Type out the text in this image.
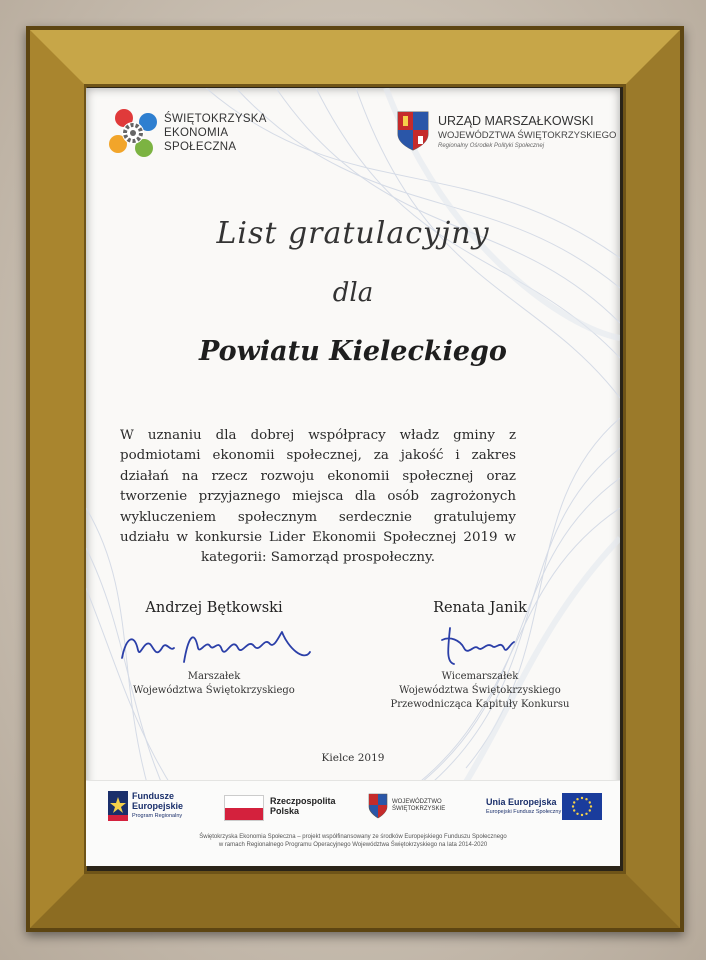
ŚWIĘTOKRZYSKA
EKONOMIA
SPOŁECZNA
URZĄD MARSZAŁKOWSKI
WOJEWÓDZTWA ŚWIĘTOKRZYSKIEGO
Regionalny Ośrodek Polityki Społecznej
List gratulacyjny
dla
Powiatu Kieleckiego
W uznaniu dla dobrej współpracy władz gminy z podmiotami ekonomii społecznej, za jakość i zakres działań na rzecz rozwoju ekonomii społecznej oraz tworzenie przyjaznego miejsca dla osób zagrożonych wykluczeniem społecznym serdecznie gratulujemy udziału w konkursie Lider Ekonomii Społecznej 2019 w kategorii: Samorząd prospołeczny.
Andrzej Bętkowski
Marszałek
Województwa Świętokrzyskiego
Renata Janik
Wicemarszałek
Województwa Świętokrzyskiego
Przewodnicząca Kapituły Konkursu
Kielce 2019
Fundusze
Europejskie
Program Regionalny
Rzeczpospolita
Polska
WOJEWÓDZTWO
ŚWIĘTOKRZYSKIE
Unia Europejska
Europejski Fundusz Społeczny
Świętokrzyska Ekonomia Społeczna – projekt współfinansowany ze środków Europejskiego Funduszu Społecznego
w ramach Regionalnego Programu Operacyjnego Województwa Świętokrzyskiego na lata 2014-2020
